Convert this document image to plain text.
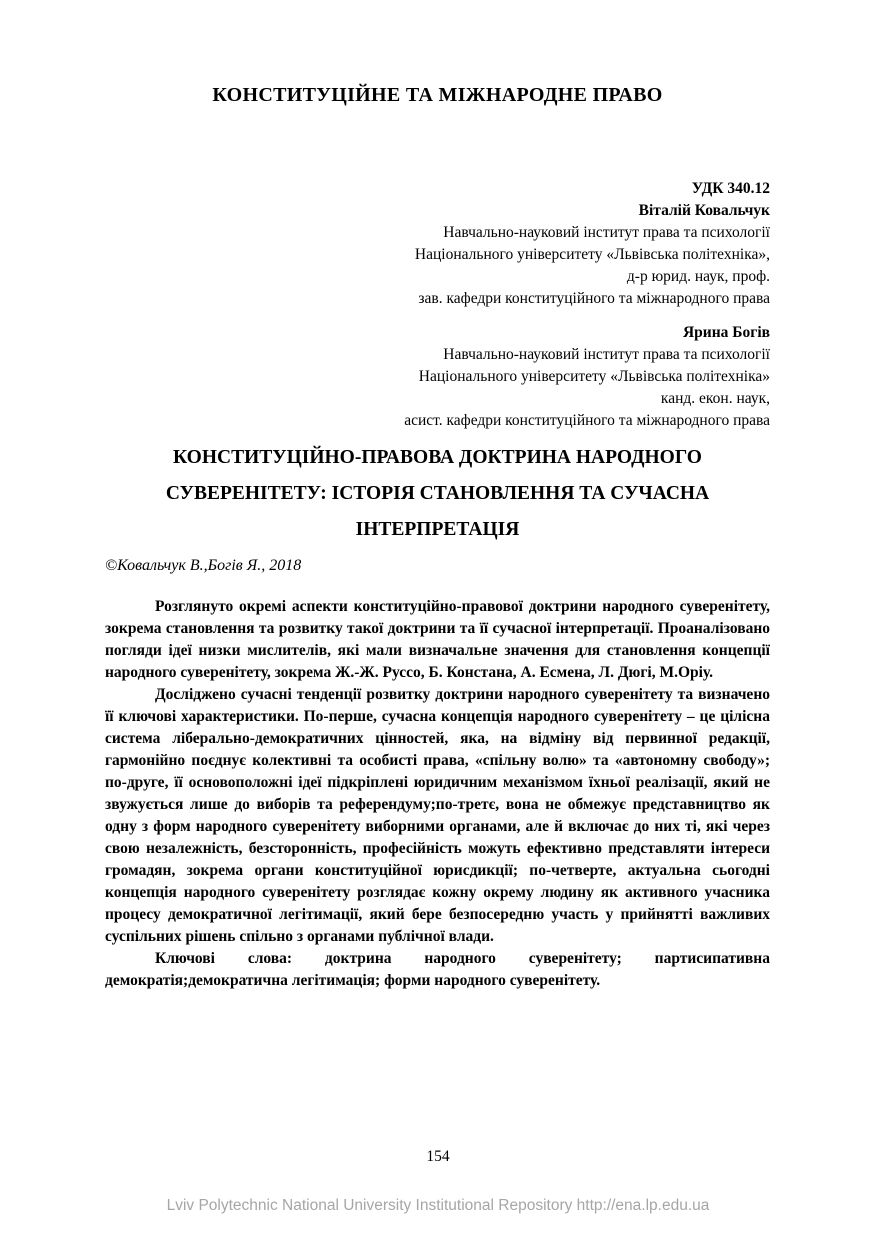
КОНСТИТУЦІЙНЕ ТА МІЖНАРОДНЕ ПРАВО
УДК 340.12
Віталій Ковальчук
Навчально-науковий інститут права та психології
Національного університету «Львівська політехніка»,
д-р юрид. наук, проф.
зав. кафедри конституційного та міжнародного права
Ярина Богів
Навчально-науковий інститут права та психології
Національного університету «Львівська політехніка»
канд. екон. наук,
асист. кафедри конституційного та міжнародного права
КОНСТИТУЦІЙНО-ПРАВОВА ДОКТРИНА НАРОДНОГО СУВЕРЕНІТЕТУ: ІСТОРІЯ СТАНОВЛЕННЯ ТА СУЧАСНА ІНТЕРПРЕТАЦІЯ
©Ковальчук В.,Богів Я., 2018

Розглянуто окремі аспекти конституційно-правової доктрини народного суверенітету, зокрема становлення та розвитку такої доктрини та її сучасної інтерпретації. Проаналізовано погляди ідеї низки мислителів, які мали визначальне значення для становлення концепції народного суверенітету, зокрема Ж.-Ж. Руссо, Б. Констана, А. Есмена, Л. Дюгі, М.Оріу.

Досліджено сучасні тенденції розвитку доктрини народного суверенітету та визначено її ключові характеристики. По-перше, сучасна концепція народного суверенітету – це цілісна система ліберально-демократичних цінностей, яка, на відміну від первинної редакції, гармонійно поєднує колективні та особисті права, «спільну волю» та «автономну свободу»; по-друге, її основоположні ідеї підкріплені юридичним механізмом їхньої реалізації, який не звужується лише до виборів та референдуму;по-третє, вона не обмежує представництво як одну з форм народного суверенітету виборними органами, але й включає до них ті, які через свою незалежність, безсторонність, професійність можуть ефективно представляти інтереси громадян, зокрема органи конституційної юрисдикції; по-четверте, актуальна сьогодні концепція народного суверенітету розглядає кожну окрему людину як активного учасника процесу демократичної легітимації, який бере безпосередню участь у прийнятті важливих суспільних рішень спільно з органами публічної влади.

Ключові слова: доктрина народного суверенітету; партисипативна демократія;демократична легітимація; форми народного суверенітету.

154
Lviv Polytechnic National University Institutional Repository http://ena.lp.edu.ua
